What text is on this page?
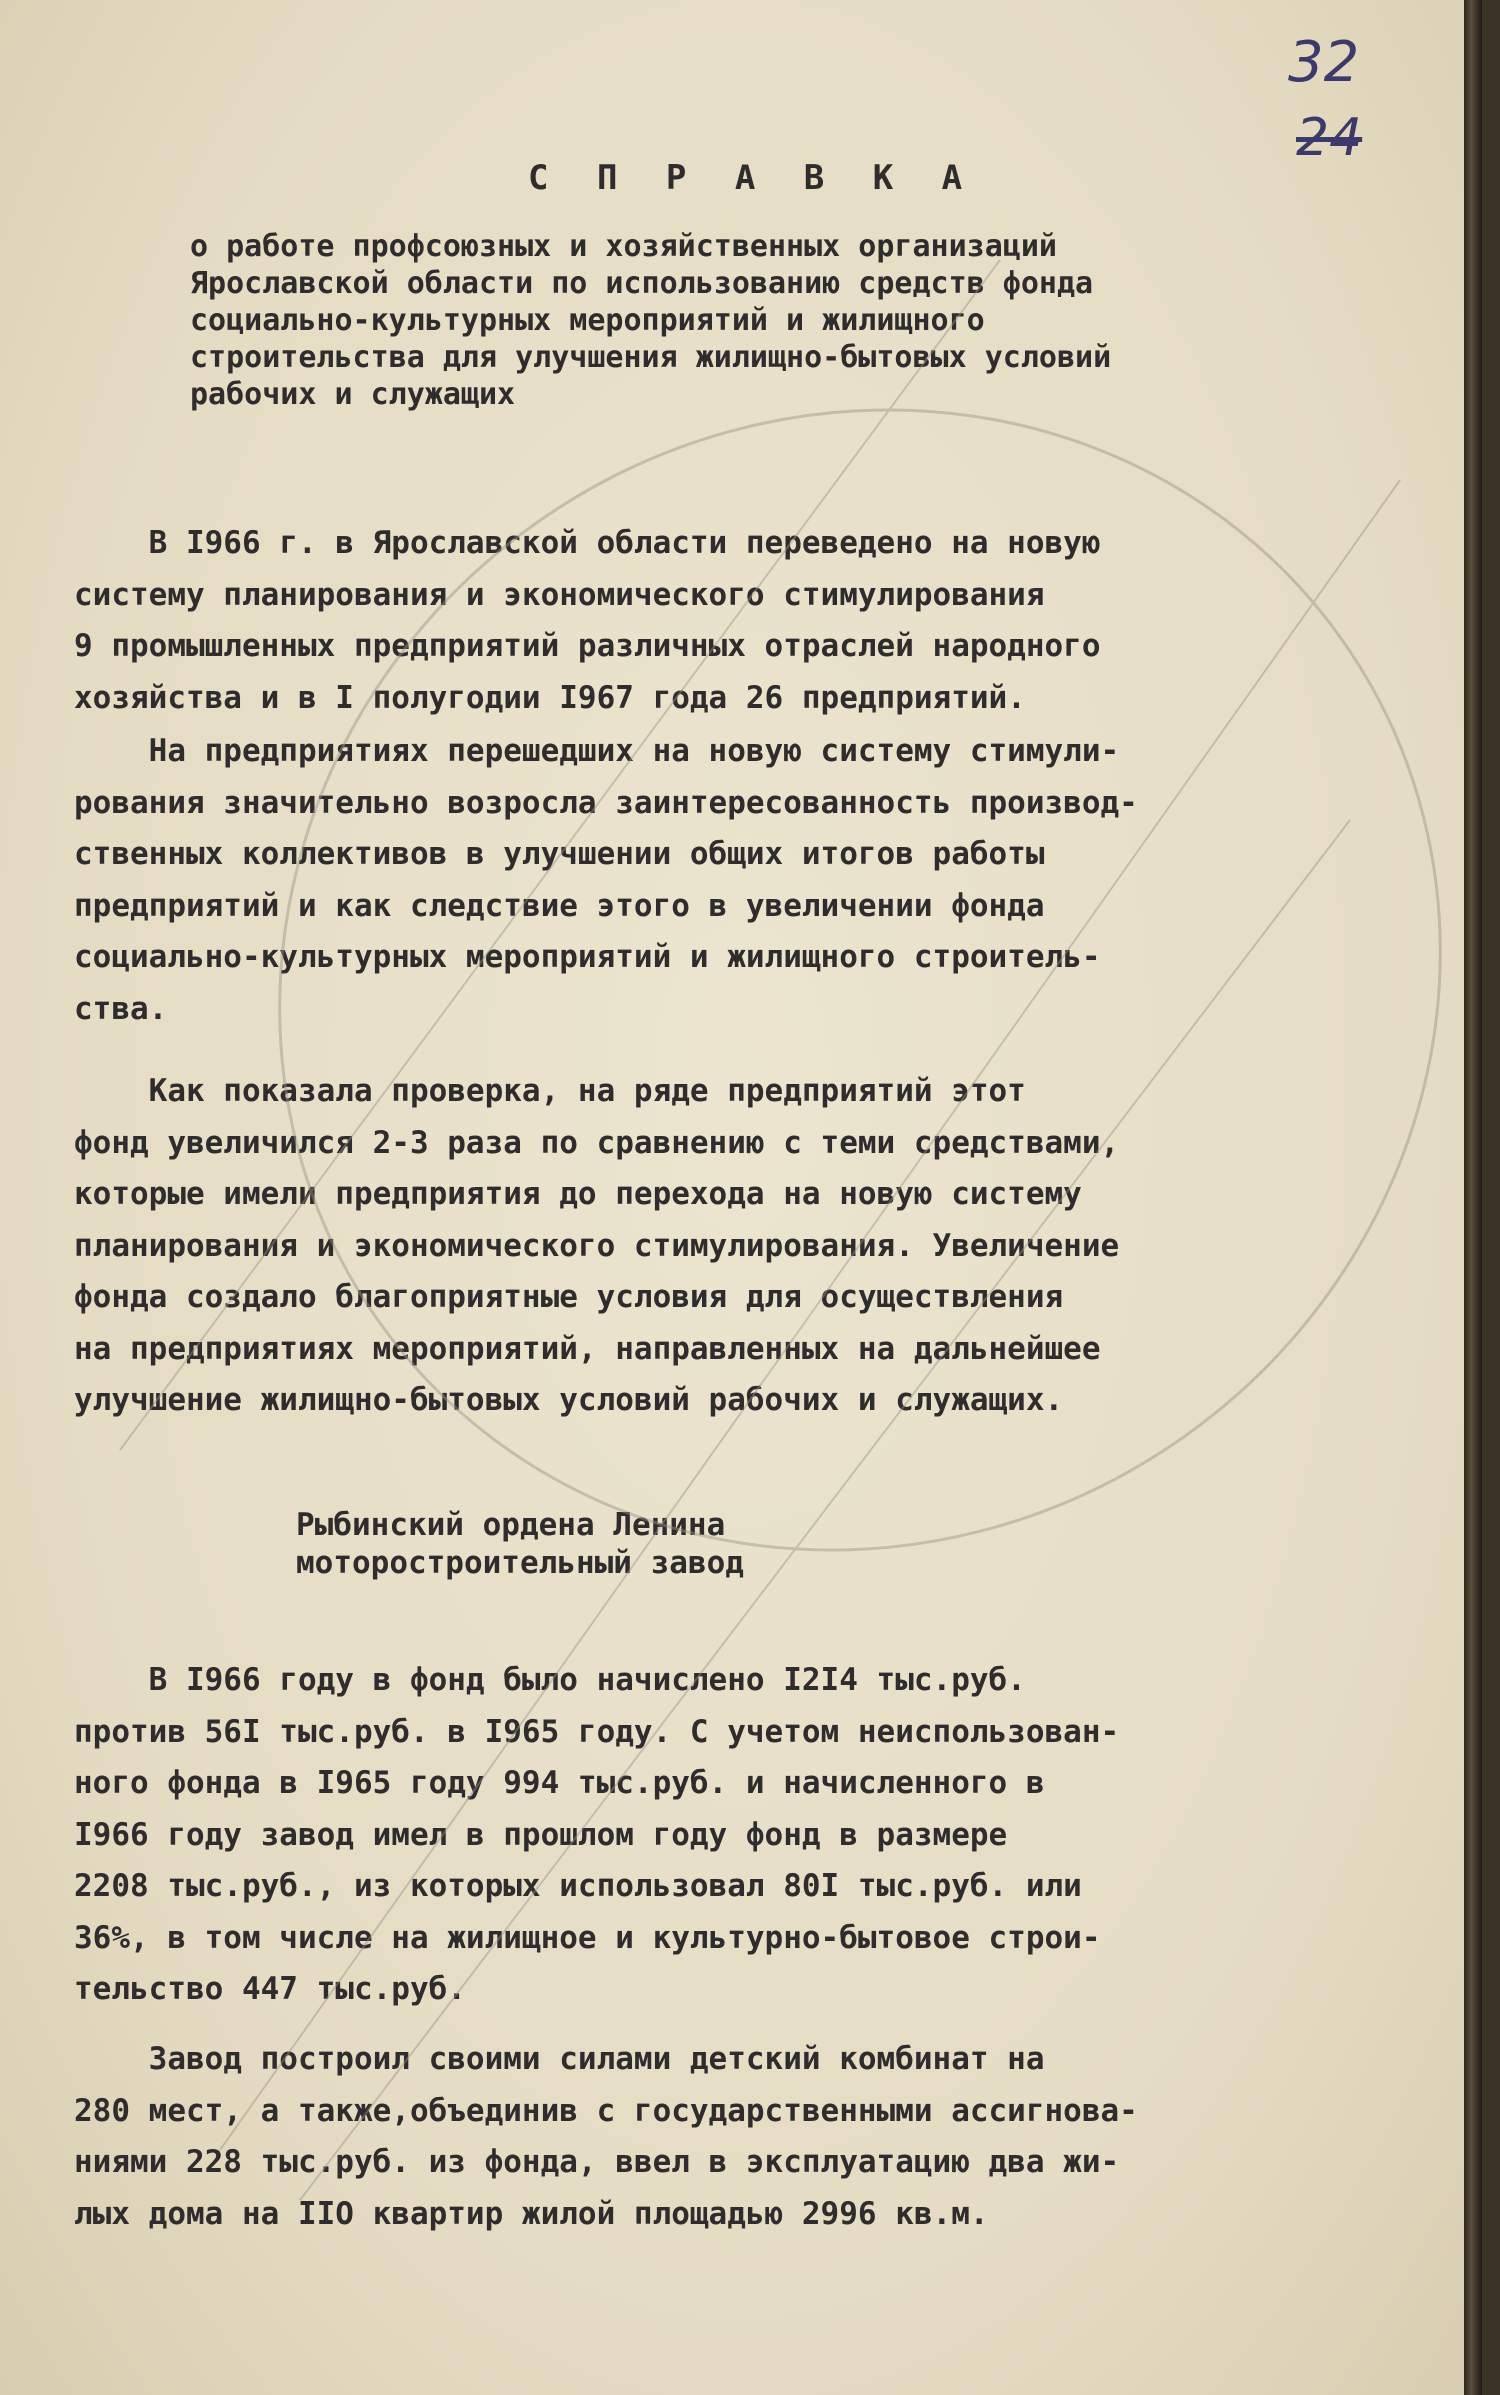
32
24
С П Р А В К А
о работе профсоюзных и хозяйственных организаций
Ярославской области по использованию средств фонда
социально-культурных мероприятий и жилищного
строительства для улучшения жилищно-бытовых условий
рабочих и служащих
В I966 г. в Ярославской области переведено на новую
систему планирования и экономического стимулирования
9 промышленных предприятий различных отраслей народного
хозяйства и в I полугодии I967 года 26 предприятий.
На предприятиях перешедших на новую систему стимули-
рования значительно возросла заинтересованность производ-
ственных коллективов в улучшении общих итогов работы
предприятий и как следствие этого в увеличении фонда
социально-культурных мероприятий и жилищного строитель-
ства.
Как показала проверка, на ряде предприятий этот
фонд увеличился 2-3 раза по сравнению с теми средствами,
которые имели предприятия до перехода на новую систему
планирования и экономического стимулирования. Увеличение
фонда создало благоприятные условия для осуществления
на предприятиях мероприятий, направленных на дальнейшее
улучшение жилищно-бытовых условий рабочих и служащих.
Рыбинский ордена Ленина
моторостроительный завод
В I966 году в фонд было начислено I2I4 тыс.руб.
против 56I тыс.руб. в I965 году. С учетом неиспользован-
ного фонда в I965 году 994 тыс.руб. и начисленного в
I966 году завод имел в прошлом году фонд в размере
2208 тыс.руб., из которых использовал 80I тыс.руб. или
36%, в том числе на жилищное и культурно-бытовое строи-
тельство 447 тыс.руб.
Завод построил своими силами детский комбинат на
280 мест, а также,объединив с государственными ассигнова-
ниями 228 тыс.руб. из фонда, ввел в эксплуатацию два жи-
лых дома на IIO квартир жилой площадью 2996 кв.м.
